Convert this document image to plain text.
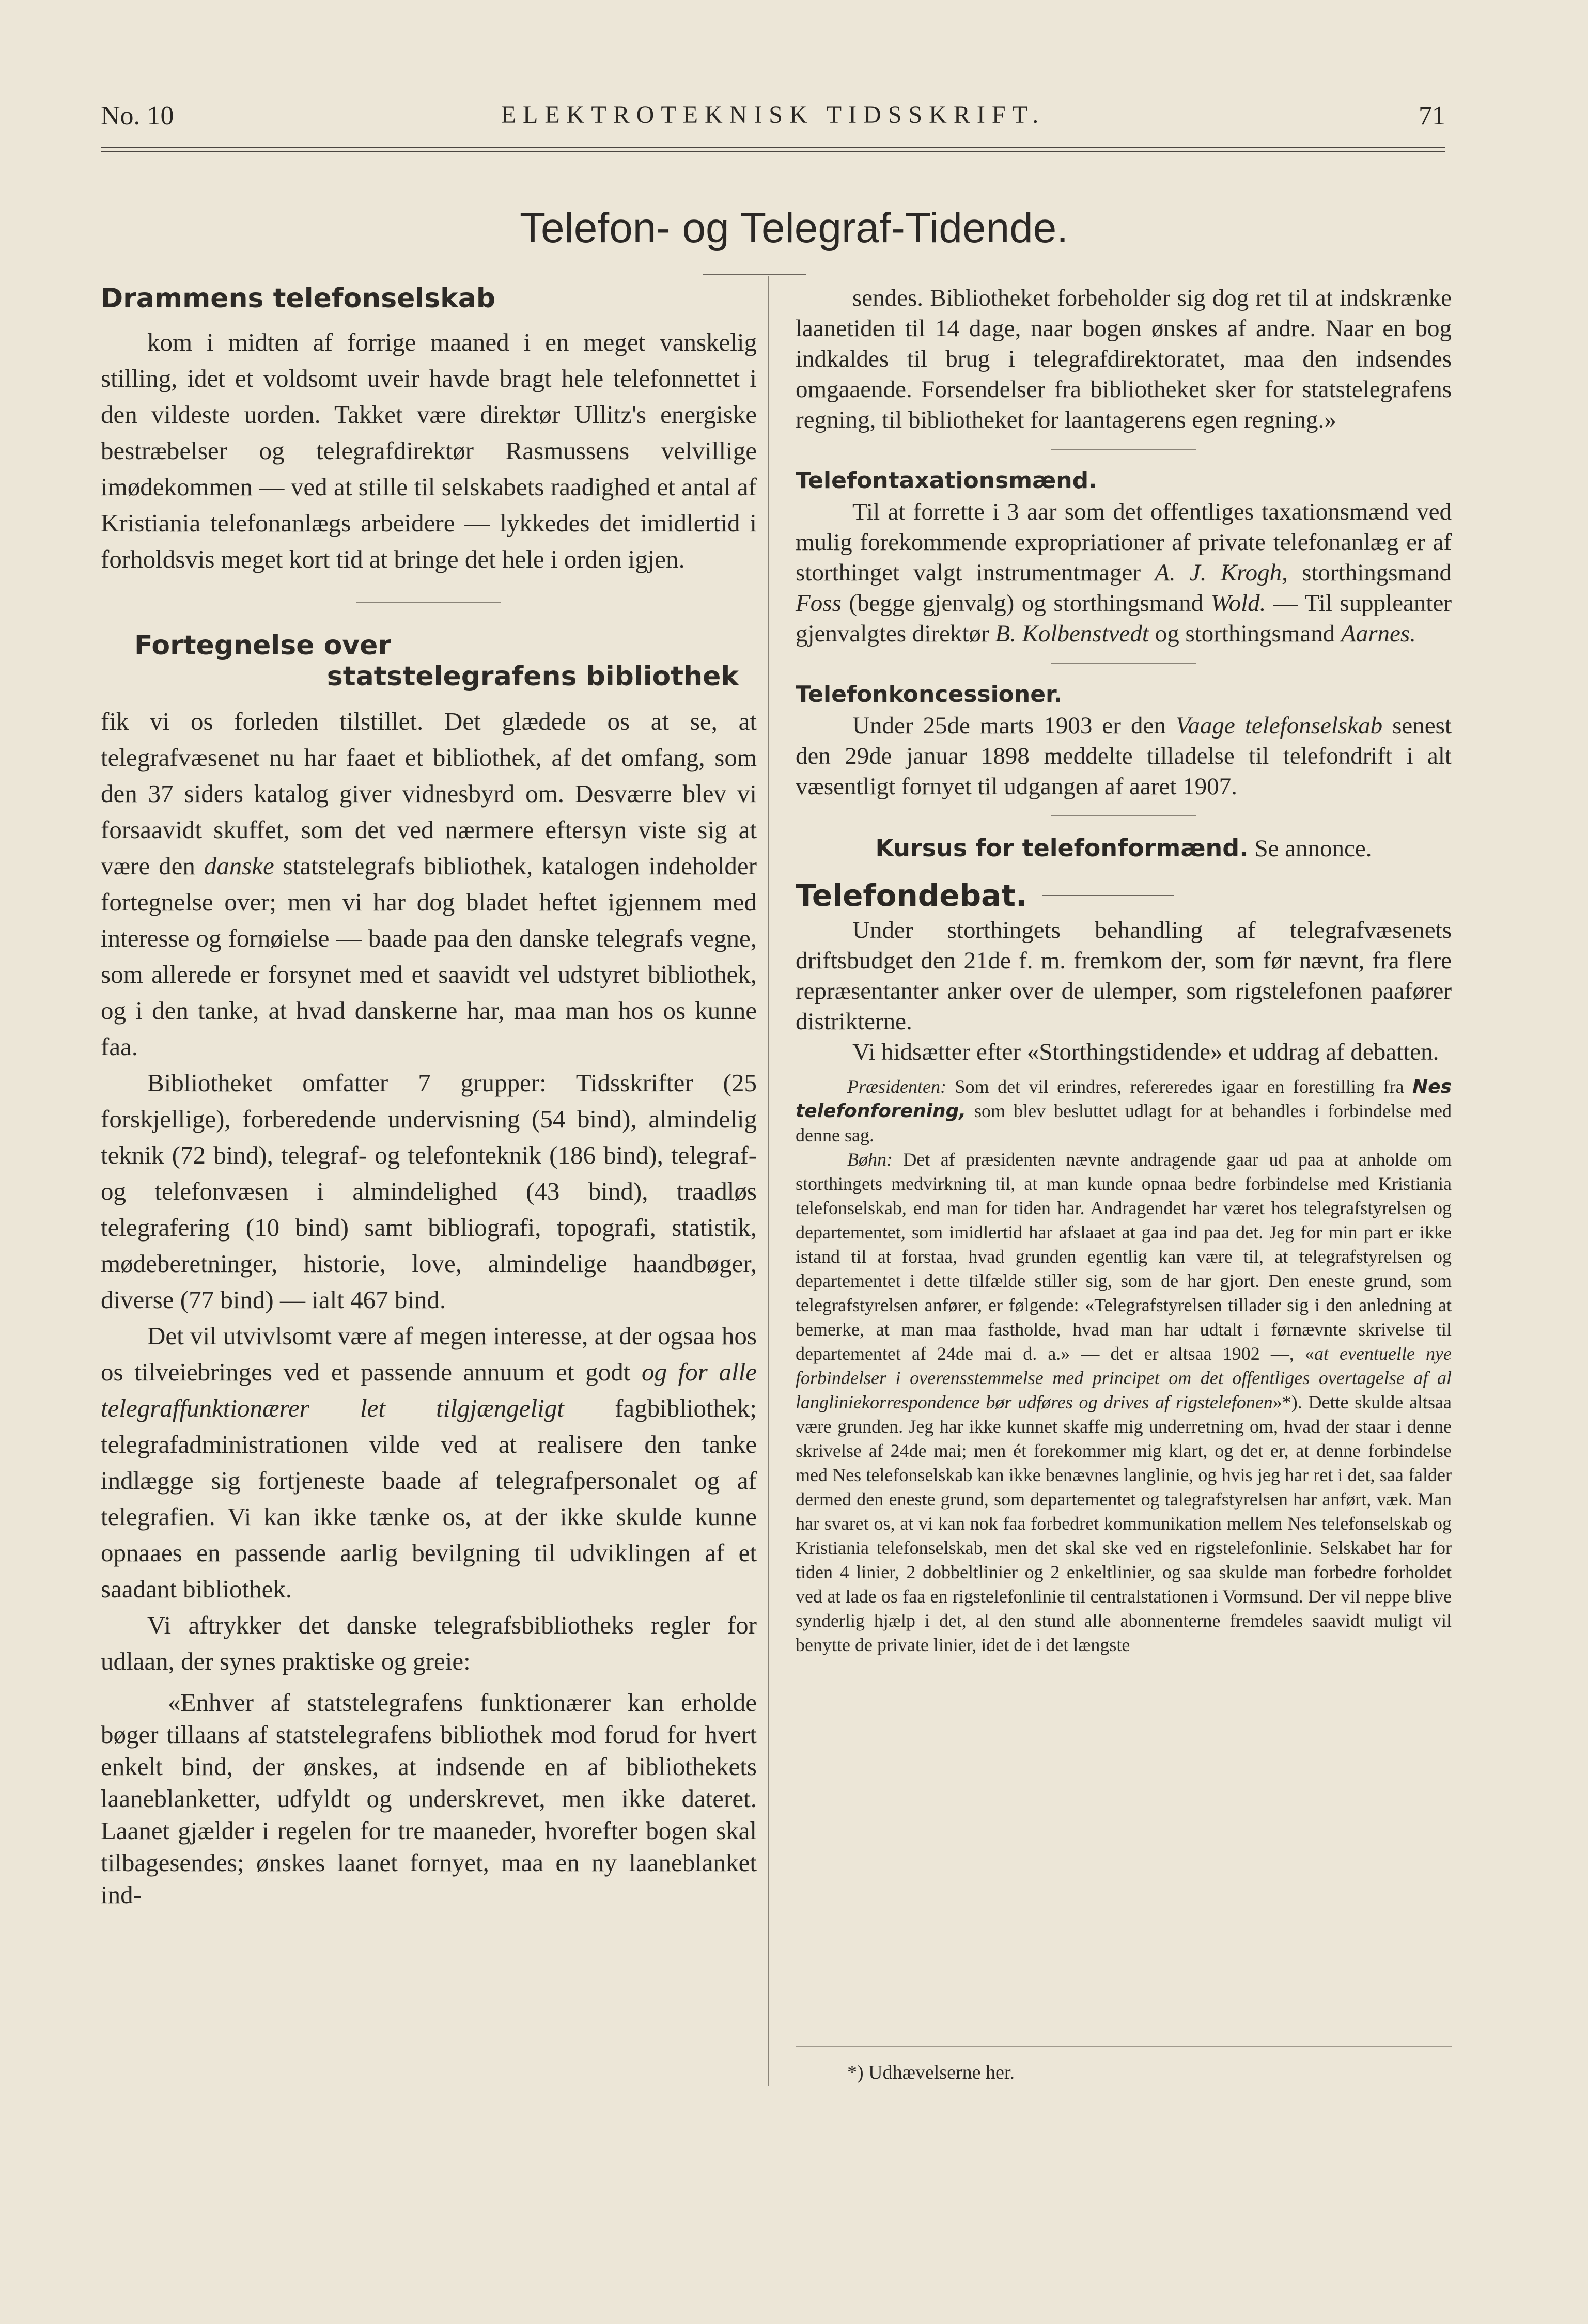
No. 10	ELEKTROTEKNISK TIDSSKRIFT.	71
Telefon- og Telegraf-Tidende.
Drammens telefonselskab

kom i midten af forrige maaned i en meget vanskelig stilling, idet et voldsomt uveir havde bragt hele telefonnettet i den vildeste uorden. Takket være direktør Ullitz's energiske bestræbelser og telegrafdirektør Rasmussens velvillige imødekommen — ved at stille til selskabets raadighed et antal af Kristiania telefonanlægs arbeidere — lykkedes det imidlertid i forholdsvis meget kort tid at bringe det hele i orden igjen.

Fortegnelse over
statstelegrafens bibliothek

fik vi os forleden tilstillet. Det glædede os at se, at telegrafvæsenet nu har faaet et bibliothek, af det omfang, som den 37 siders katalog giver vidnesbyrd om. Desværre blev vi forsaavidt skuffet, som det ved nærmere eftersyn viste sig at være den danske statstelegrafs bibliothek, katalogen indeholder fortegnelse over; men vi har dog bladet heftet igjennem med interesse og fornøielse — baade paa den danske telegrafs vegne, som allerede er forsynet med et saavidt vel udstyret bibliothek, og i den tanke, at hvad danskerne har, maa man hos os kunne faa.

Bibliotheket omfatter 7 grupper: Tidsskrifter (25 forskjellige), forberedende undervisning (54 bind), almindelig teknik (72 bind), telegraf- og telefonteknik (186 bind), telegraf- og telefonvæsen i almindelighed (43 bind), traadløs telegrafering (10 bind) samt bibliografi, topografi, statistik, mødeberetninger, historie, love, almindelige haandbøger, diverse (77 bind) — ialt 467 bind.

Det vil utvivlsomt være af megen interesse, at der ogsaa hos os tilveiebringes ved et passende annuum et godt og for alle telegraffunktionærer let tilgjængeligt fagbibliothek; telegrafadministrationen vilde ved at realisere den tanke indlægge sig fortjeneste baade af telegrafpersonalet og af telegrafien. Vi kan ikke tænke os, at der ikke skulde kunne opnaaes en passende aarlig bevilgning til udviklingen af et saadant bibliothek.

Vi aftrykker det danske telegrafsbibliotheks regler for udlaan, der synes praktiske og greie:

«Enhver af statstelegrafens funktionærer kan erholde bøger tillaans af statstelegrafens bibliothek mod forud for hvert enkelt bind, der ønskes, at indsende en af bibliothekets laaneblanketter, udfyldt og underskrevet, men ikke dateret. Laanet gjælder i regelen for tre maaneder, hvorefter bogen skal tilbagesendes; ønskes laanet fornyet, maa en ny laaneblanket ind-

sendes. Bibliotheket forbeholder sig dog ret til at indskrænke laanetiden til 14 dage, naar bogen ønskes af andre. Naar en bog indkaldes til brug i telegrafdirektoratet, maa den indsendes omgaaende. Forsendelser fra bibliotheket sker for statstelegrafens regning, til bibliotheket for laantagerens egen regning.»

Telefontaxationsmænd.

Til at forrette i 3 aar som det offentliges taxationsmænd ved mulig forekommende expropriationer af private telefonanlæg er af storthinget valgt instrumentmager A. J. Krogh, storthingsmand Foss (begge gjenvalg) og storthingsmand Wold. — Til suppleanter gjenvalgtes direktør B. Kolbenstvedt og storthingsmand Aarnes.

Telefonkoncessioner.

Under 25de marts 1903 er den Vaage telefonselskab senest den 29de januar 1898 meddelte tilladelse til telefondrift i alt væsentligt fornyet til udgangen af aaret 1907.

Kursus for telefonformænd. Se annonce.
Telefondebat.

Under storthingets behandling af telegrafvæsenets driftsbudget den 21de f. m. fremkom der, som før nævnt, fra flere repræsentanter anker over de ulemper, som rigstelefonen paafører distrikterne.

Vi hidsætter efter «Storthingstidende» et uddrag af debatten.

Præsidenten: Som det vil erindres, refereredes igaar en forestilling fra Nes telefonforening, som blev besluttet udlagt for at behandles i forbindelse med denne sag.

Bøhn: Det af præsidenten nævnte andragende gaar ud paa at anholde om storthingets medvirkning til, at man kunde opnaa bedre forbindelse med Kristiania telefonselskab, end man for tiden har. Andragendet har været hos telegrafstyrelsen og departementet, som imidlertid har afslaaet at gaa ind paa det. Jeg for min part er ikke istand til at forstaa, hvad grunden egentlig kan være til, at telegrafstyrelsen og departementet i dette tilfælde stiller sig, som de har gjort. Den eneste grund, som telegrafstyrelsen anfører, er følgende: «Telegrafstyrelsen tillader sig i den anledning at bemerke, at man maa fastholde, hvad man har udtalt i førnævnte skrivelse til departementet af 24de mai d. a.» — det er altsaa 1902 —, «at eventuelle nye forbindelser i overensstemmelse med principet om det offentliges overtagelse af al langliniekorrespondence bør udføres og drives af rigstelefonen»*). Dette skulde altsaa være grunden. Jeg har ikke kunnet skaffe mig underretning om, hvad der staar i denne skrivelse af 24de mai; men ét forekommer mig klart, og det er, at denne forbindelse med Nes telefonselskab kan ikke benævnes langlinie, og hvis jeg har ret i det, saa falder dermed den eneste grund, som departementet og talegrafstyrelsen har anført, væk. Man har svaret os, at vi kan nok faa forbedret kommunikation mellem Nes telefonselskab og Kristiania telefonselskab, men det skal ske ved en rigstelefonlinie. Selskabet har for tiden 4 linier, 2 dobbeltlinier og 2 enkeltlinier, og saa skulde man forbedre forholdet ved at lade os faa en rigstelefonlinie til centralstationen i Vormsund. Der vil neppe blive synderlig hjælp i det, al den stund alle abonnenterne fremdeles saavidt muligt vil benytte de private linier, idet de i det længste

*) Udhævelserne her.
